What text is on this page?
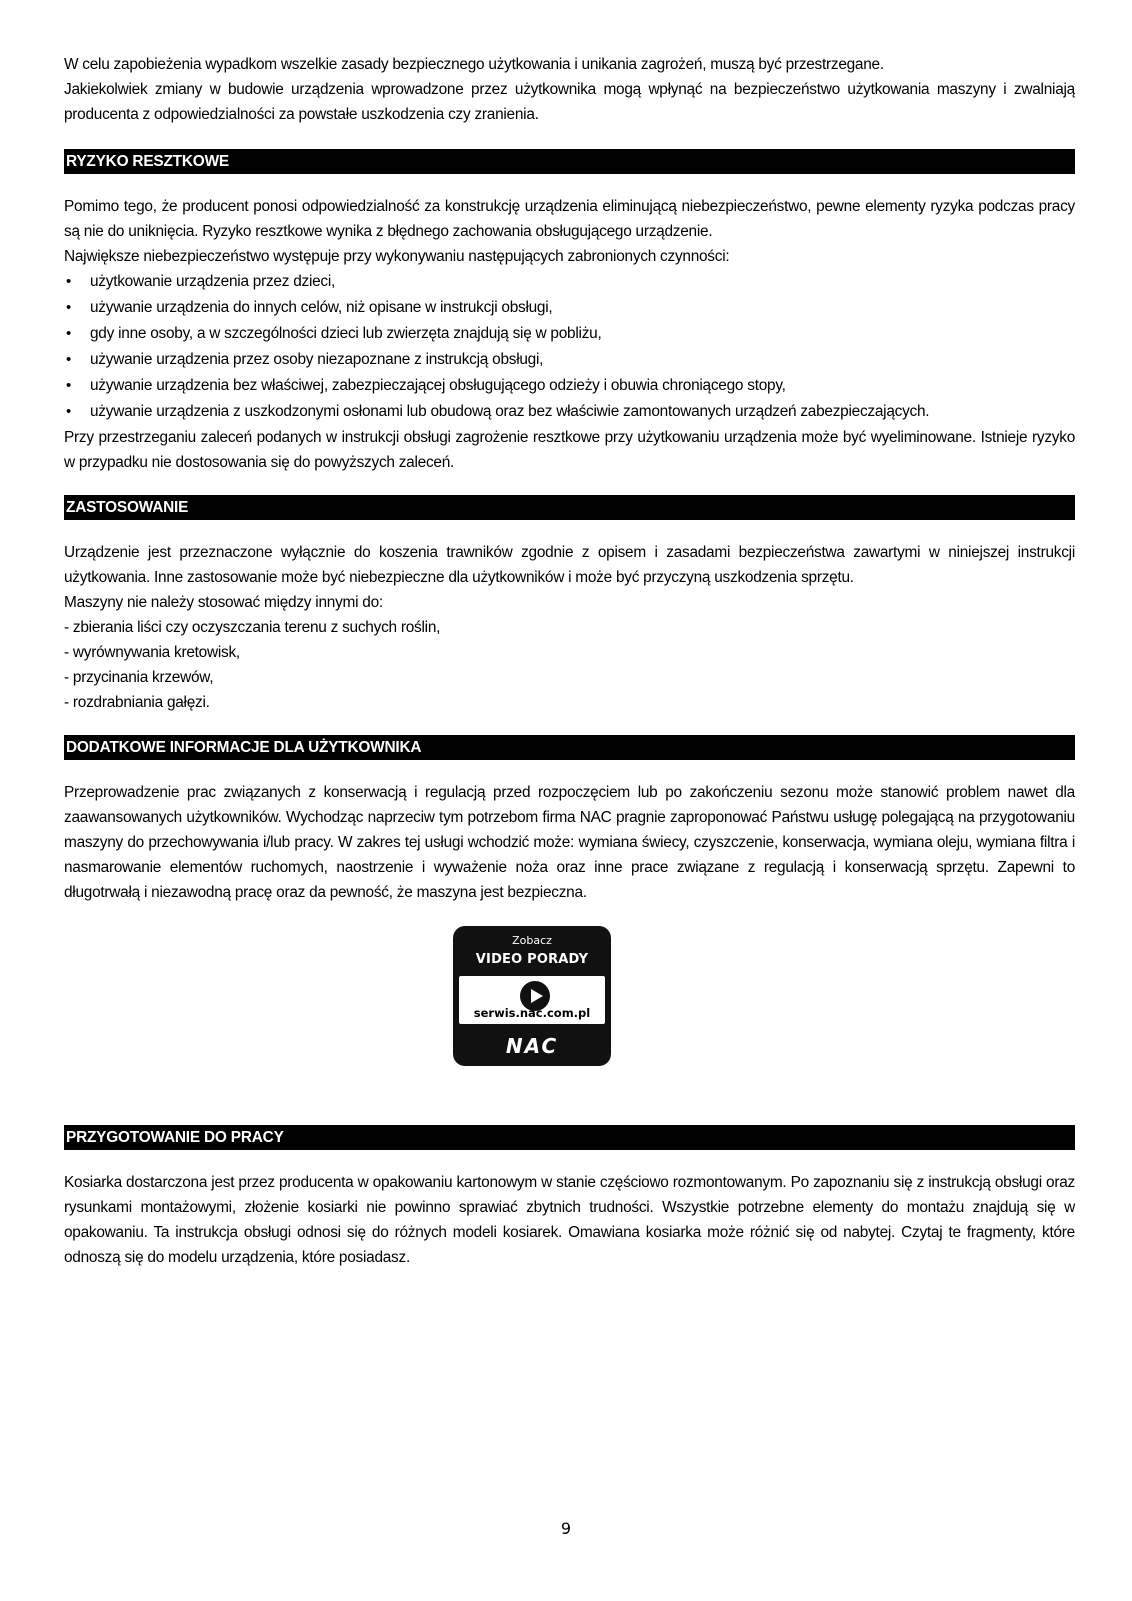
W celu zapobieżenia wypadkom wszelkie zasady bezpiecznego użytkowania i unikania zagrożeń, muszą być przestrzegane.

Jakiekolwiek zmiany w budowie urządzenia wprowadzone przez użytkownika mogą wpłynąć na bezpieczeństwo użytkowania maszyny i zwalniają producenta z odpowiedzialności za powstałe uszkodzenia czy zranienia.

RYZYKO RESZTKOWE

Pomimo tego, że producent ponosi odpowiedzialność za konstrukcję urządzenia eliminującą niebezpieczeństwo, pewne elementy ryzyka podczas pracy są nie do uniknięcia. Ryzyko resztkowe wynika z błędnego zachowania obsługującego urządzenie.

Największe niebezpieczeństwo występuje przy wykonywaniu następujących zabronionych czynności:

• użytkowanie urządzenia przez dzieci,
• używanie urządzenia do innych celów, niż opisane w instrukcji obsługi,
• gdy inne osoby, a w szczególności dzieci lub zwierzęta znajdują się w pobliżu,
• używanie urządzenia przez osoby niezapoznane z instrukcją obsługi,
• używanie urządzenia bez właściwej, zabezpieczającej obsługującego odzieży i obuwia chroniącego stopy,
• używanie urządzenia z uszkodzonymi osłonami lub obudową oraz bez właściwie zamontowanych urządzeń zabezpieczających.

Przy przestrzeganiu zaleceń podanych w instrukcji obsługi zagrożenie resztkowe przy użytkowaniu urządzenia może być wyeliminowane. Istnieje ryzyko w przypadku nie dostosowania się do powyższych zaleceń.

ZASTOSOWANIE

Urządzenie jest przeznaczone wyłącznie do koszenia trawników zgodnie z opisem i zasadami bezpieczeństwa zawartymi w niniejszej instrukcji użytkowania. Inne zastosowanie może być niebezpieczne dla użytkowników i może być przyczyną uszkodzenia sprzętu.

Maszyny nie należy stosować między innymi do:

- zbierania liści czy oczyszczania terenu z suchych roślin,
- wyrównywania kretowisk,
- przycinania krzewów,
- rozdrabniania gałęzi.
DODATKOWE INFORMACJE DLA UŻYTKOWNIKA

Przeprowadzenie prac związanych z konserwacją i regulacją przed rozpoczęciem lub po zakończeniu sezonu może stanowić problem nawet dla zaawansowanych użytkowników. Wychodząc naprzeciw tym potrzebom firma NAC pragnie zaproponować Państwu usługę polegającą na przygotowaniu maszyny do przechowywania i/lub pracy. W zakres tej usługi wchodzić może: wymiana świecy, czyszczenie, konserwacja, wymiana oleju, wymiana filtra i nasmarowanie elementów ruchomych, naostrzenie i wyważenie noża oraz inne prace związane z regulacją i konserwacją sprzętu. Zapewni to długotrwałą i niezawodną pracę oraz da pewność, że maszyna jest bezpieczna.

Zobacz
VIDEO PORADY
serwis.nac.com.pl
NAC
PRZYGOTOWANIE DO PRACY

Kosiarka dostarczona jest przez producenta w opakowaniu kartonowym w stanie częściowo rozmontowanym. Po zapoznaniu się z instrukcją obsługi oraz rysunkami montażowymi, złożenie kosiarki nie powinno sprawiać zbytnich trudności. Wszystkie potrzebne elementy do montażu znajdują się w opakowaniu. Ta instrukcja obsługi odnosi się do różnych modeli kosiarek. Omawiana kosiarka może różnić się od nabytej. Czytaj te fragmenty, które odnoszą się do modelu urządzenia, które posiadasz.

9
